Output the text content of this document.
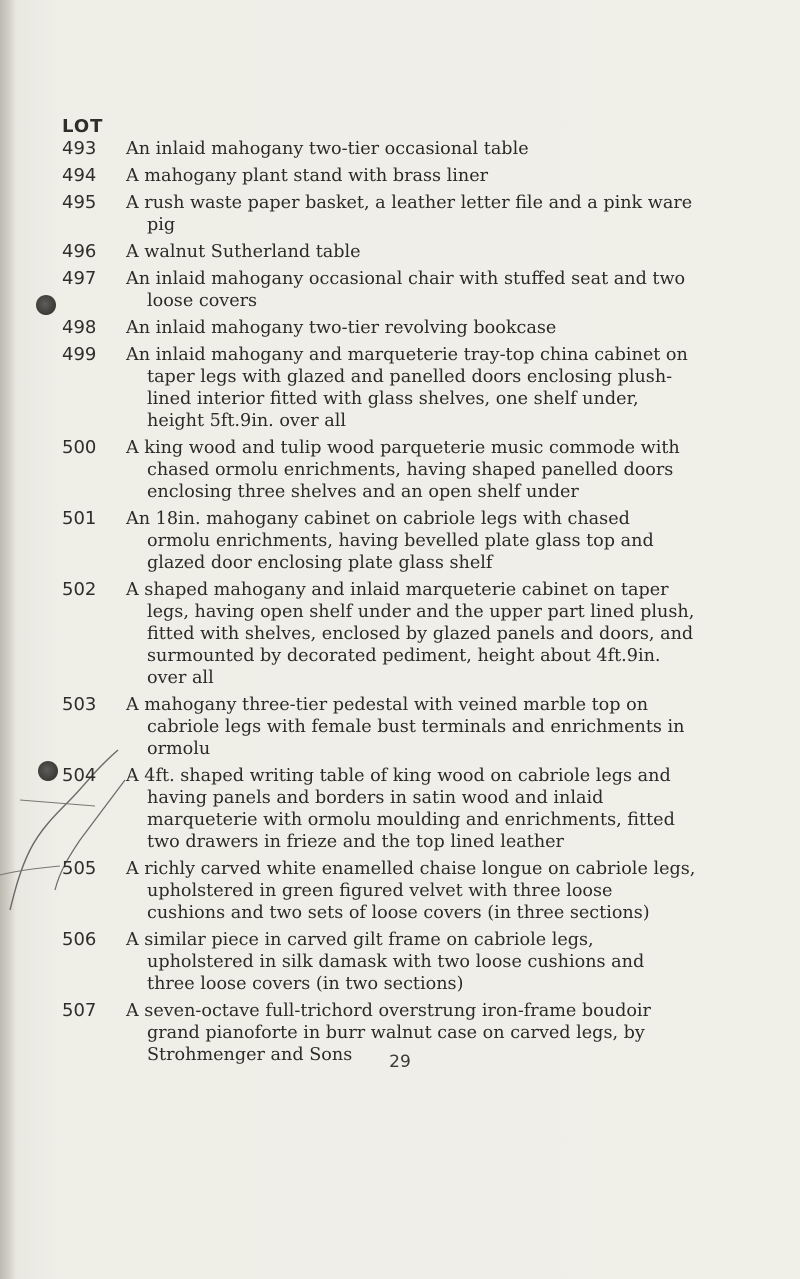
LOT
493	An inlaid mahogany two-tier occasional table
494	A mahogany plant stand with brass liner
495	A rush waste paper basket, a leather letter file and a pink ware pig
496	A walnut Sutherland table
497	An inlaid mahogany occasional chair with stuffed seat and two loose covers
498	An inlaid mahogany two-tier revolving bookcase
499	An inlaid mahogany and marqueterie tray-top china cabinet on taper legs with glazed and panelled doors enclosing plush-lined interior fitted with glass shelves, one shelf under, height 5ft.9in. over all
500	A king wood and tulip wood parqueterie music commode with chased ormolu enrichments, having shaped panelled doors enclosing three shelves and an open shelf under
501	An 18in. mahogany cabinet on cabriole legs with chased ormolu enrichments, having bevelled plate glass top and glazed door enclosing plate glass shelf
502	A shaped mahogany and inlaid marqueterie cabinet on taper legs, having open shelf under and the upper part lined plush, fitted with shelves, enclosed by glazed panels and doors, and surmounted by decorated pediment, height about 4ft.9in. over all
503	A mahogany three-tier pedestal with veined marble top on cabriole legs with female bust terminals and enrichments in ormolu
504	A 4ft. shaped writing table of king wood on cabriole legs and having panels and borders in satin wood and inlaid marqueterie with ormolu moulding and enrichments, fitted two drawers in frieze and the top lined leather
505	A richly carved white enamelled chaise longue on cabriole legs, upholstered in green figured velvet with three loose cushions and two sets of loose covers (in three sections)
506	A similar piece in carved gilt frame on cabriole legs, upholstered in silk damask with two loose cushions and three loose covers (in two sections)
507	A seven-octave full-trichord overstrung iron-frame boudoir grand pianoforte in burr walnut case on carved legs, by Strohmenger and Sons	29
